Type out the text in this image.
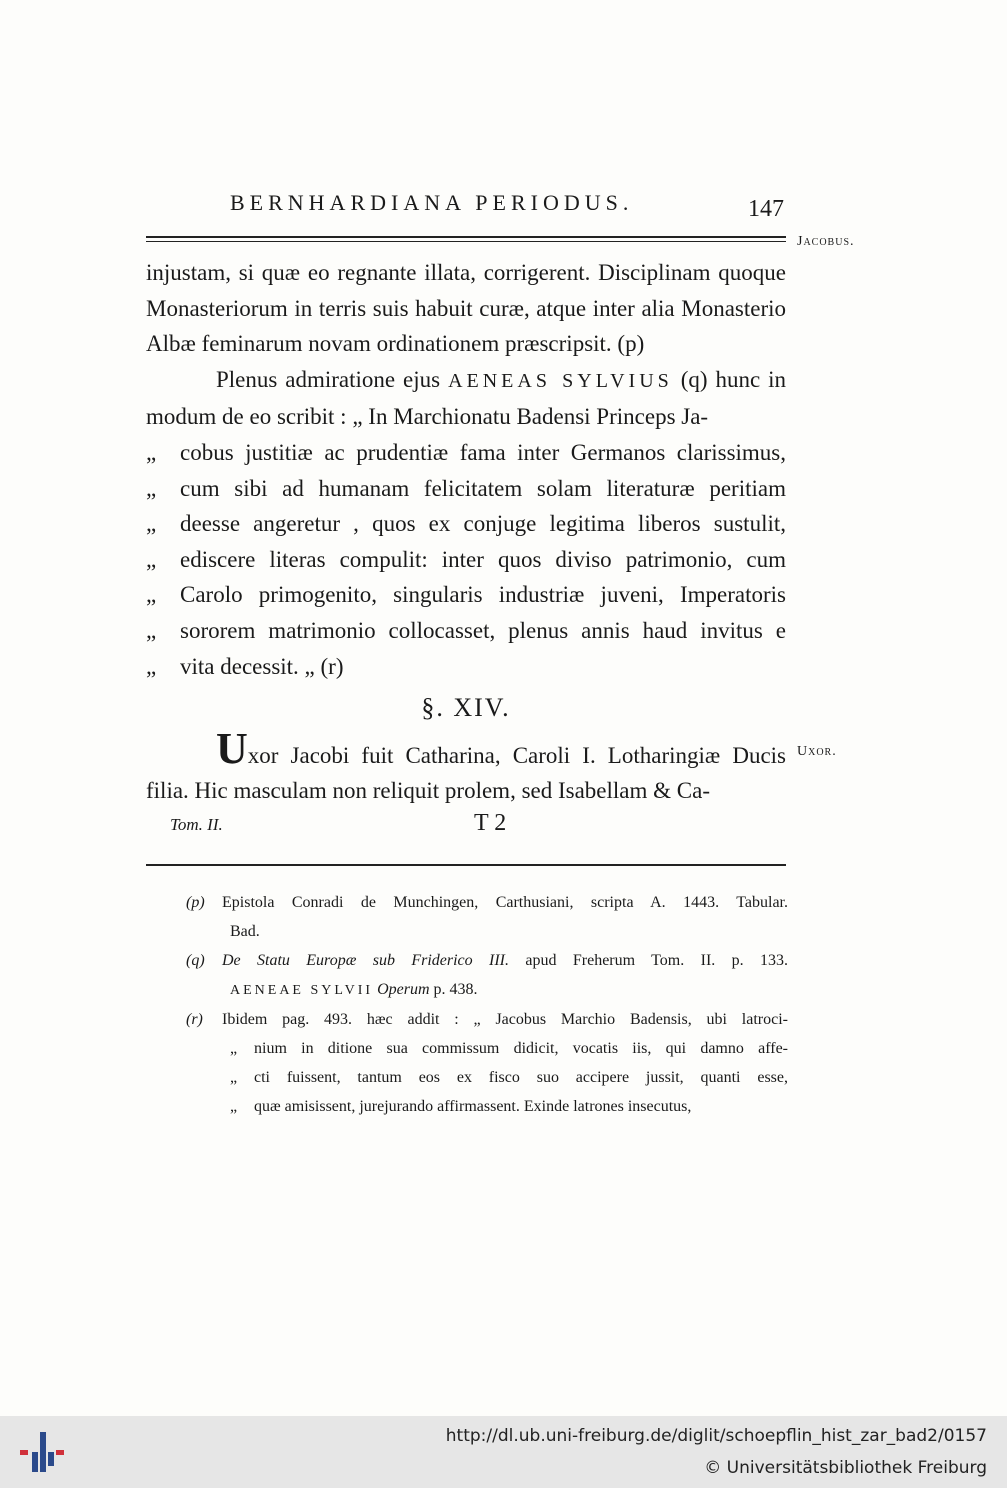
BERNHARDIANA PERIODUS.	147
Jacobus.

injustam, si quæ eo regnante illata, corrigerent. Disciplinam quoque Monasteriorum in terris suis habuit curæ, atque inter alia Monasterio Albæ feminarum novam ordinationem præscripsit. (p)

Plenus admiratione ejus AENEAS SYLVIUS (q) hunc in modum de eo scribit : „ In Marchionatu Badensi Princeps Ja-

„	cobus justitiæ ac prudentiæ fama inter Germanos clarissimus,
„	cum sibi ad humanam felicitatem solam literaturæ peritiam
„	deesse angeretur , quos ex conjuge legitima liberos sustulit,
„	ediscere literas compulit: inter quos diviso patrimonio, cum
„	Carolo primogenito, singularis industriæ juveni, Imperatoris
„	sororem matrimonio collocasset, plenus annis haud invitus e
„	vita decessit. „ (r)
§. XIV.

Uxor Jacobi fuit Catharina, Caroli I. Lotharingiæ Ducis filia. Hic masculam non reliquit prolem, sed Isabellam & Ca-

Uxor.
Tom. II.	T 2
(p)	Epistola Conradi de Munchingen, Carthusiani, scripta A. 1443. Tabular.

Bad.

(q)	De Statu Europæ sub Friderico III. apud Freherum Tom. II. p. 133.

AENEAE SYLVII Operum p. 438.

(r)	Ibidem pag. 493. hæc addit : „ Jacobus Marchio Badensis, ubi latroci-
„	nium in ditione sua commissum didicit, vocatis iis, qui damno affe-
„	cti fuissent, tantum eos ex fisco suo accipere jussit, quanti esse,
„	quæ amisissent, jurejurando affirmassent. Exinde latrones insecutus,
http://dl.ub.uni-freiburg.de/diglit/schoepflin_hist_zar_bad2/0157
© Universitätsbibliothek Freiburg
